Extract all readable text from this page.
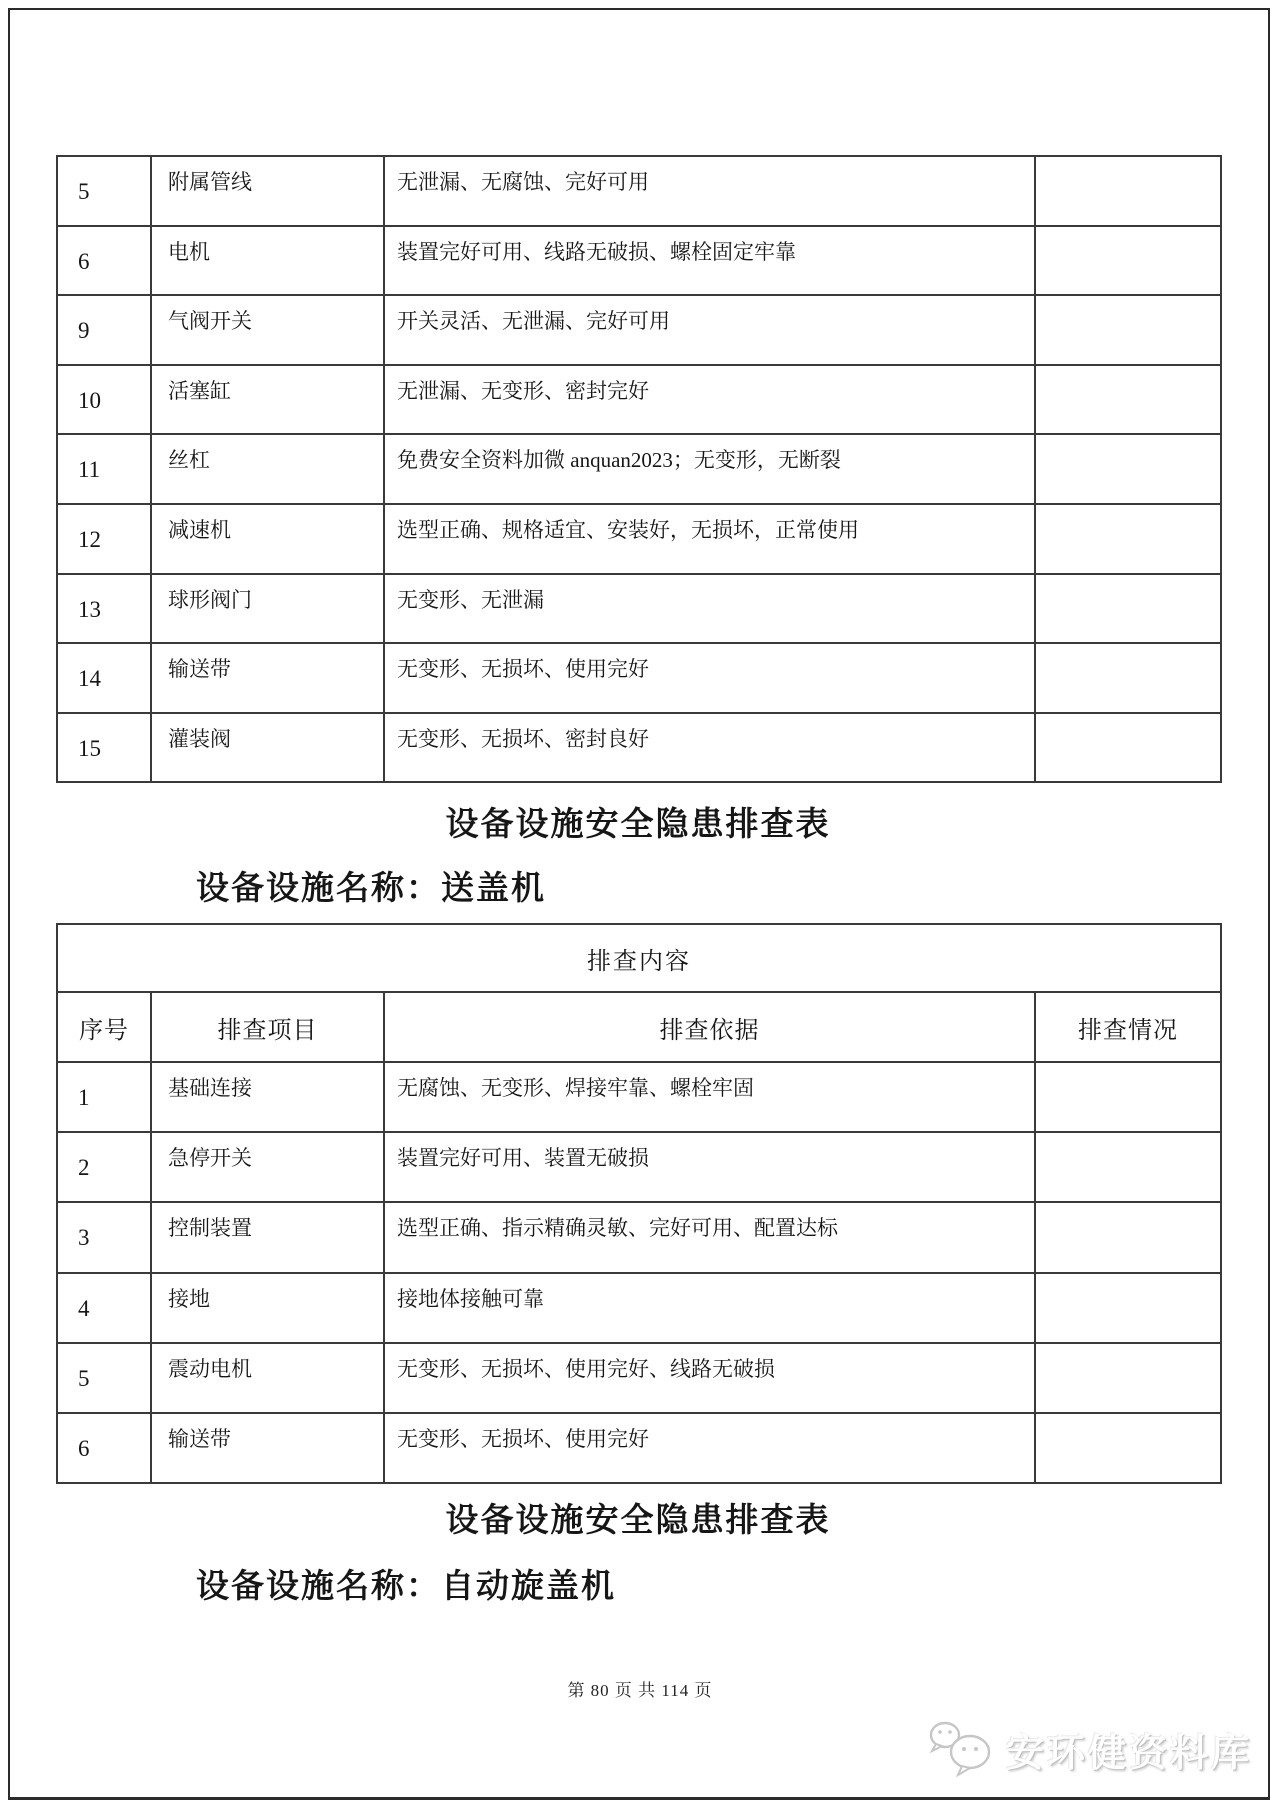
5	附属管线	无泄漏、无腐蚀、完好可用	
6	电机	装置完好可用、线路无破损、螺栓固定牢靠	
9	气阀开关	开关灵活、无泄漏、完好可用	
10	活塞缸	无泄漏、无变形、密封完好	
11	丝杠	免费安全资料加微 anquan2023；无变形，无断裂	
12	减速机	选型正确、规格适宜、安装好，无损坏，正常使用	
13	球形阀门	无变形、无泄漏	
14	输送带	无变形、无损坏、使用完好	
15	灌装阀	无变形、无损坏、密封良好	
设备设施安全隐患排查表
设备设施名称：送盖机
排查内容			
序号	排查项目	排查依据	排查情况
1	基础连接	无腐蚀、无变形、焊接牢靠、螺栓牢固	
2	急停开关	装置完好可用、装置无破损	
3	控制装置	选型正确、指示精确灵敏、完好可用、配置达标	
4	接地	接地体接触可靠	
5	震动电机	无变形、无损坏、使用完好、线路无破损	
6	输送带	无变形、无损坏、使用完好	
设备设施安全隐患排查表
设备设施名称：自动旋盖机
第 80 页 共 114 页
安环健资料库
